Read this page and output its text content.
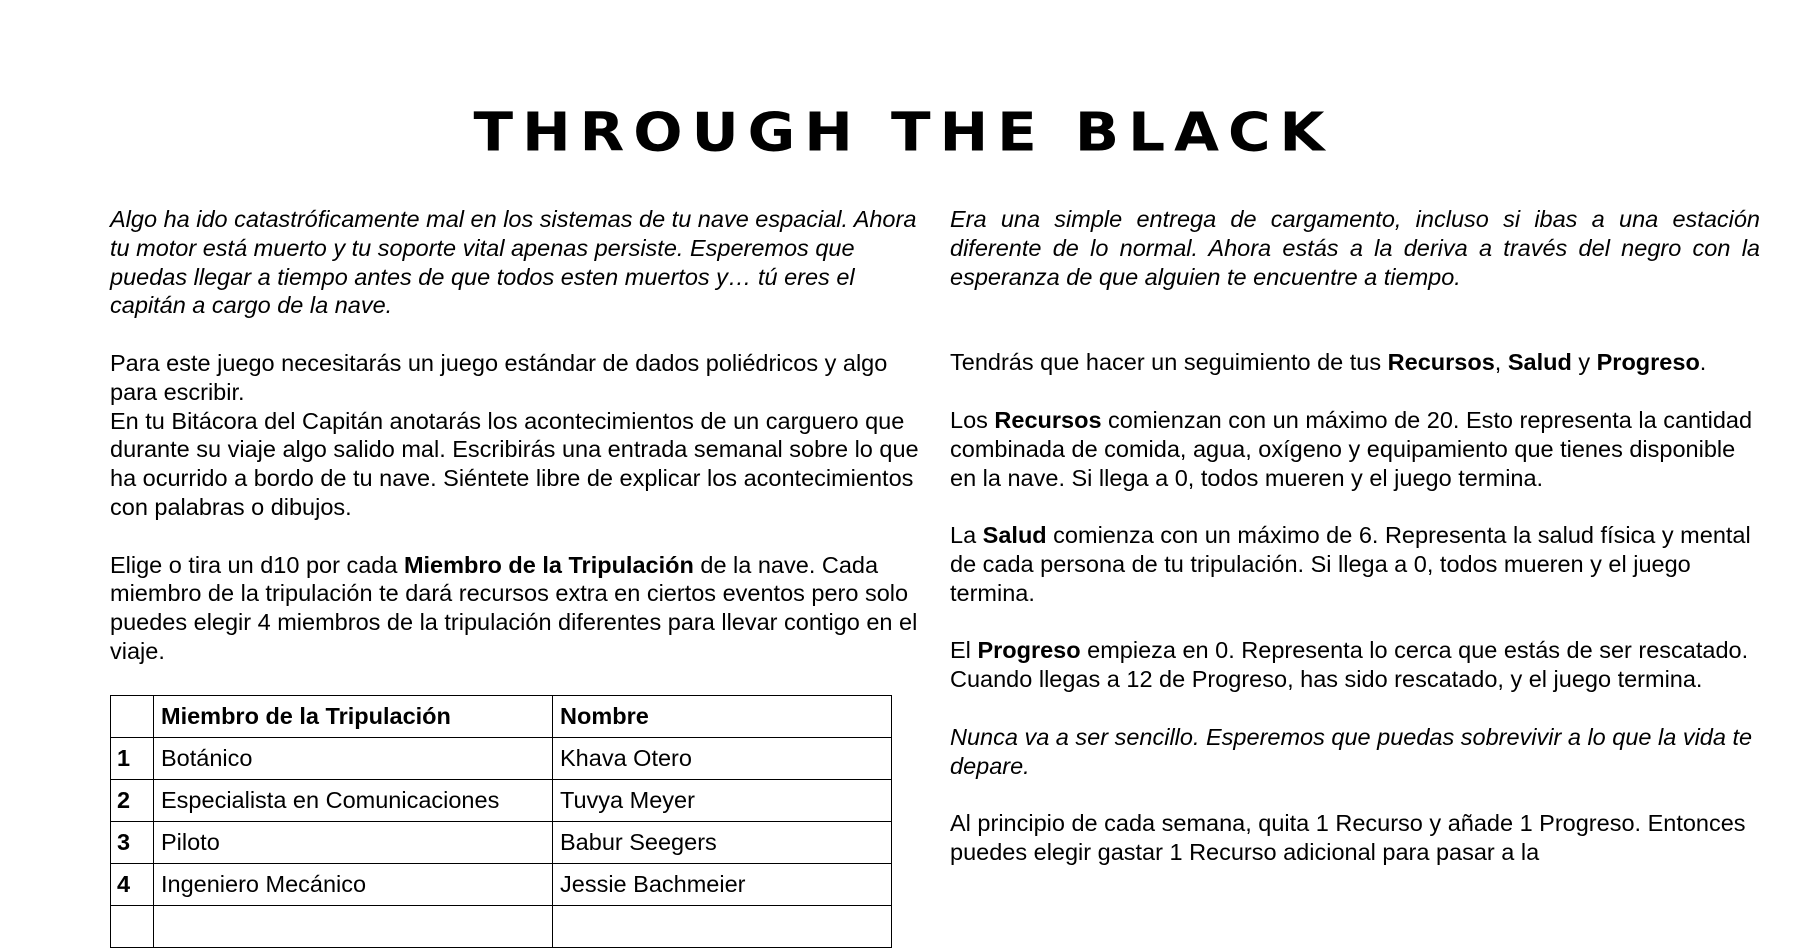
THROUGH THE BLACK

Algo ha ido catastróficamente mal en los sistemas de tu nave espacial. Ahora tu motor está muerto y tu soporte vital apenas persiste. Esperemos que puedas llegar a tiempo antes de que todos esten muertos y… tú eres el capitán a cargo de la nave.

Para este juego necesitarás un juego estándar de dados poliédricos y algo para escribir.
En tu Bitácora del Capitán anotarás los acontecimientos de un carguero que durante su viaje algo salido mal. Escribirás una entrada semanal sobre lo que ha ocurrido a bordo de tu nave. Siéntete libre de explicar los acontecimientos con palabras o dibujos.

Elige o tira un d10 por cada Miembro de la Tripulación de la nave. Cada miembro de la tripulación te dará recursos extra en ciertos eventos pero solo puedes elegir 4 miembros de la tripulación diferentes para llevar contigo en el viaje.

	Miembro de la Tripulación	Nombre
1	Botánico	Khava Otero
2	Especialista en Comunicaciones	Tuvya Meyer
3	Piloto	Babur Seegers
4	Ingeniero Mecánico	Jessie Bachmeier

Era una simple entrega de cargamento, incluso si ibas a una estación diferente de lo normal. Ahora estás a la deriva a través del negro con la esperanza de que alguien te encuentre a tiempo.

Tendrás que hacer un seguimiento de tus Recursos, Salud y Progreso.

Los Recursos comienzan con un máximo de 20. Esto representa la cantidad combinada de comida, agua, oxígeno y equipamiento que tienes disponible en la nave. Si llega a 0, todos mueren y el juego termina.

La Salud comienza con un máximo de 6. Representa la salud física y mental de cada persona de tu tripulación. Si llega a 0, todos mueren y el juego termina.

El Progreso empieza en 0. Representa lo cerca que estás de ser rescatado. Cuando llegas a 12 de Progreso, has sido rescatado, y el juego termina.

Nunca va a ser sencillo. Esperemos que puedas sobrevivir a lo que la vida te depare.

Al principio de cada semana, quita 1 Recurso y añade 1 Progreso. Entonces puedes elegir gastar 1 Recurso adicional para pasar a la
